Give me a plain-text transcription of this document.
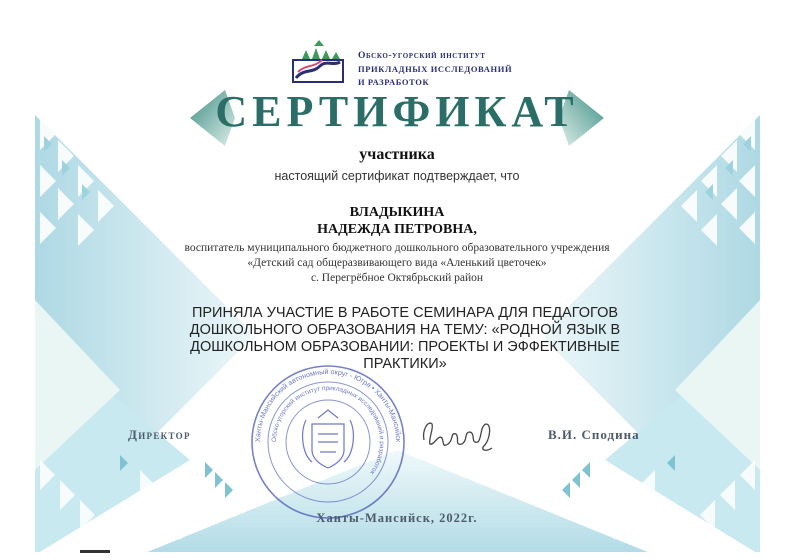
Обско-угорский институт
ПРИКЛАДНЫХ ИССЛЕДОВАНИЙ
И РАЗРАБОТОК
СЕРТИФИКАТ
участника
настоящий сертификат подтверждает, что
ВЛАДЫКИНА
НАДЕЖДА ПЕТРОВНА,
воспитатель муниципального бюджетного дошкольного образовательного учреждения
«Детский сад общеразвивающего вида «Аленький цветочек»
с. Перегрёбное Октябрьский район
ПРИНЯЛА УЧАСТИЕ В РАБОТЕ СЕМИНАРА ДЛЯ ПЕДАГОГОВ ДОШКОЛЬНОГО ОБРАЗОВАНИЯ НА ТЕМУ: «РОДНОЙ ЯЗЫК В ДОШКОЛЬНОМ ОБРАЗОВАНИИ: ПРОЕКТЫ И ЭФФЕКТИВНЫЕ ПРАКТИКИ»
Ханты-Мансийский автономный округ - Югра • Ханты-Мансийск
Обско-угорский институт прикладных исследований и разработок
Директор	В.И. Сподина
Ханты-Мансийск, 2022г.
